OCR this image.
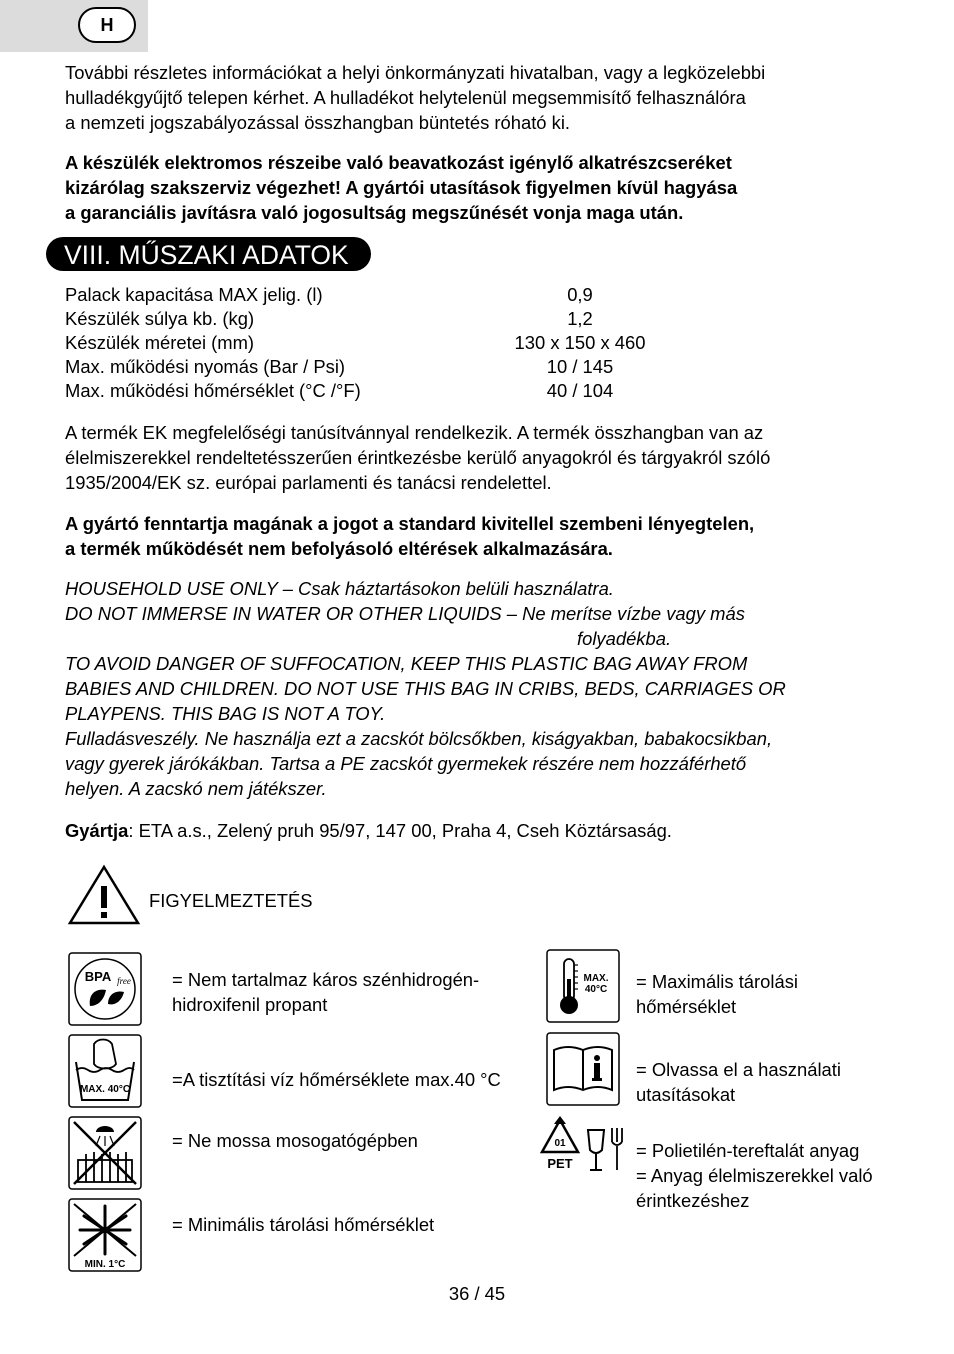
H

További részletes információkat a helyi önkormányzati hivatalban, vagy a legközelebbi
hulladékgyűjtő telepen kérhet. A hulladékot helytelenül megsemmisítő felhasználóra
a nemzeti jogszabályozással összhangban büntetés róható ki.

A készülék elektromos részeibe való beavatkozást igénylő alkatrészcseréket
kizárólag szakszerviz végezhet! A gyártói utasítások figyelmen kívül hagyása
a garanciális javításra való jogosultság megszűnését vonja maga után.

VIII. MŰSZAKI ADATOK
Palack kapacitása MAX jelig. (l)	0,9
Készülék súlya kb. (kg)	1,2
Készülék méretei (mm)	130 x 150 x 460
Max. működési nyomás (Bar / Psi)	10 / 145
Max. működési hőmérséklet (°C /°F)	40 / 104

A termék EK megfelelőségi tanúsítvánnyal rendelkezik. A termék összhangban van az
élelmiszerekkel rendeltetésszerűen érintkezésbe kerülő anyagokról és tárgyakról szóló
1935/2004/EK sz. európai parlamenti és tanácsi rendelettel.

A gyártó fenntartja magának a jogot a standard kivitellel szembeni lényegtelen,
a termék működését nem befolyásoló eltérések alkalmazására.

HOUSEHOLD USE ONLY – Csak háztartásokon belüli használatra.
DO NOT IMMERSE IN WATER OR OTHER LIQUIDS – Ne merítse vízbe vagy más
folyadékba.
TO AVOID DANGER OF SUFFOCATION, KEEP THIS PLASTIC BAG AWAY FROM
BABIES AND CHILDREN. DO NOT USE THIS BAG IN CRIBS, BEDS, CARRIAGES OR
PLAYPENS. THIS BAG IS NOT A TOY.
Fulladásveszély. Ne használja ezt a zacskót bölcsőkben, kiságyakban, babakocsikban,
vagy gyerek járókákban. Tartsa a PE zacskót gyermekek részére nem hozzáférhető
helyen. A zacskó nem játékszer.

Gyártja: ETA a.s., Zelený pruh 95/97, 147 00, Praha 4, Cseh Köztársaság.

FIGYELMEZTETÉS
BPA free = Nem tartalmaz káros szénhidrogén-
hidroxifenil propant
MAX. 40°C =A tisztítási víz hőmérséklete max.40 °C
= Ne mossa mosogatógépben
MIN. 1°C
= Minimális tárolási hőmérséklet
MAX.
40°C = Maximális tárolási
hőmérséklet
= Olvassa el a használati
utasításokat
01
PET
= Polietilén-tereftalát anyag
= Anyag élelmiszerekkel való
érintkezéshez
36 / 45
